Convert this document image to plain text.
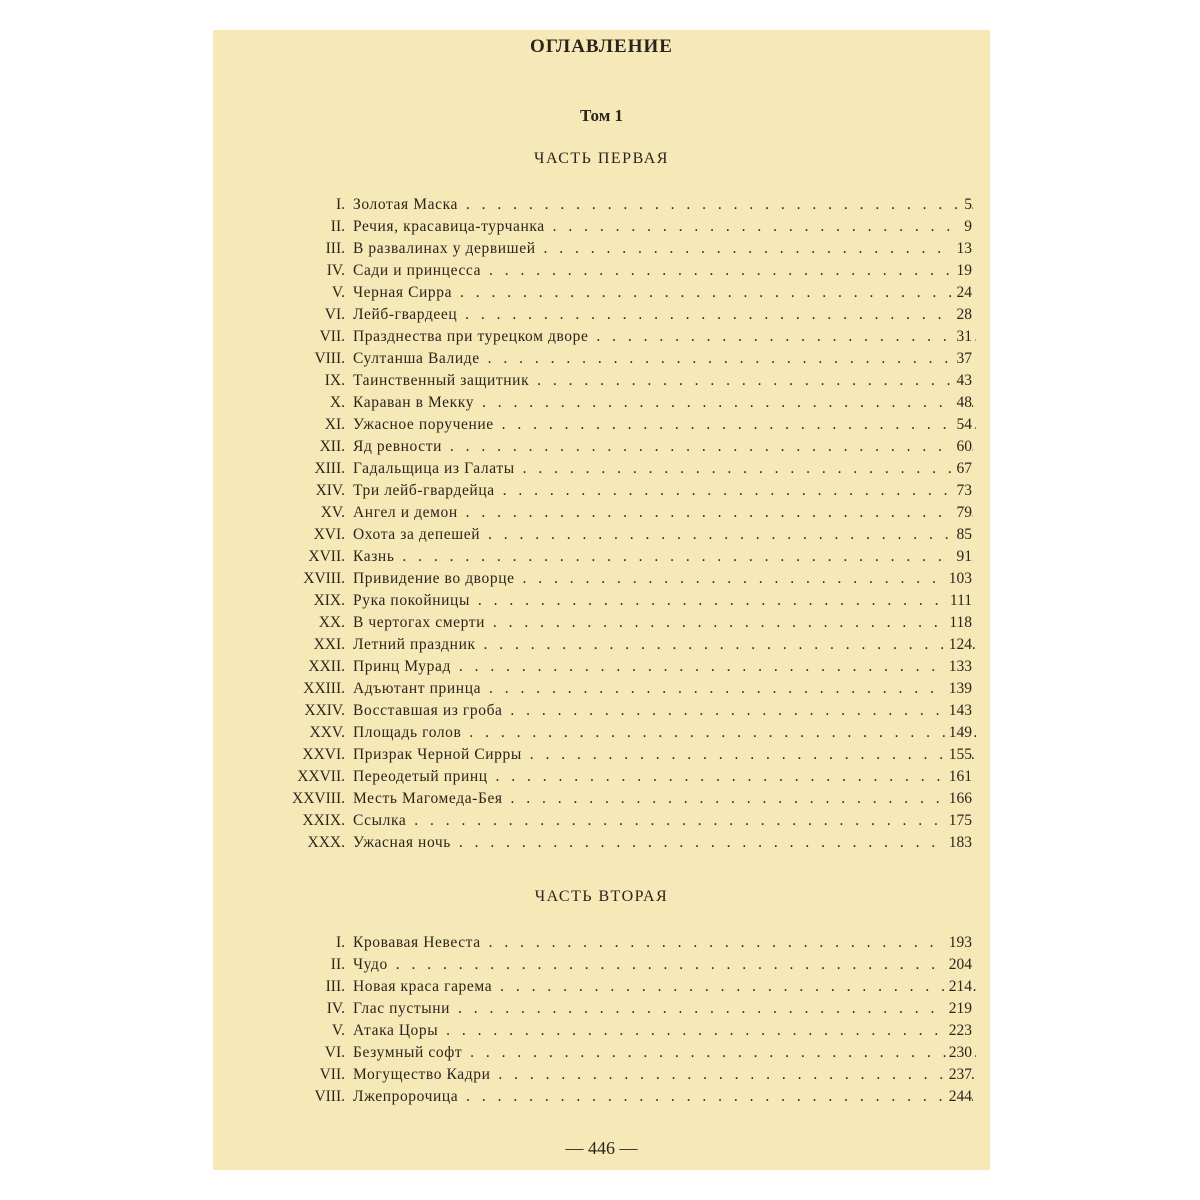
ОГЛАВЛЕНИЕ
Том 1
ЧАСТЬ ПЕРВАЯ
I. Золотая Маска . . .	5
II. Речия, красавица-турчанка . . .	9
III. В развалинах у дервишей . . .	13
IV. Сади и принцесса . . .	19
V. Черная Сирра . . .	24
VI. Лейб-гвардеец . . .	28
VII. Празднества при турецком дворе . . .	31
VIII. Султанша Валиде . . .	37
IX. Таинственный защитник . . .	43
X. Караван в Мекку . . .	48
XI. Ужасное поручение . . .	54
XII. Яд ревности . . .	60
XIII. Гадальщица из Галаты . . .	67
XIV. Три лейб-гвардейца . . .	73
XV. Ангел и демон . . .	79
XVI. Охота за депешей . . .	85
XVII. Казнь . . .	91
XVIII. Привидение во дворце . . .	103
XIX. Рука покойницы . . .	111
XX. В чертогах смерти . . .	118
XXI. Летний праздник . . .	124
XXII. Принц Мурад . . .	133
XXIII. Адъютант принца . . .	139
XXIV. Восставшая из гроба . . .	143
XXV. Площадь голов . . .	149
XXVI. Призрак Черной Сирры . . .	155
XXVII. Переодетый принц . . .	161
XXVIII. Месть Магомеда-Бея . . .	166
XXIX. Ссылка . . .	175
XXX. Ужасная ночь . . .	183
ЧАСТЬ ВТОРАЯ
I. Кровавая Невеста . . .	193
II. Чудо . . .	204
III. Новая краса гарема . . .	214
IV. Глас пустыни . . .	219
V. Атака Цоры . . .	223
VI. Безумный софт . . .	230
VII. Могущество Кадри . . .	237
VIII. Лжепророчица . . .	244
— 446 —
